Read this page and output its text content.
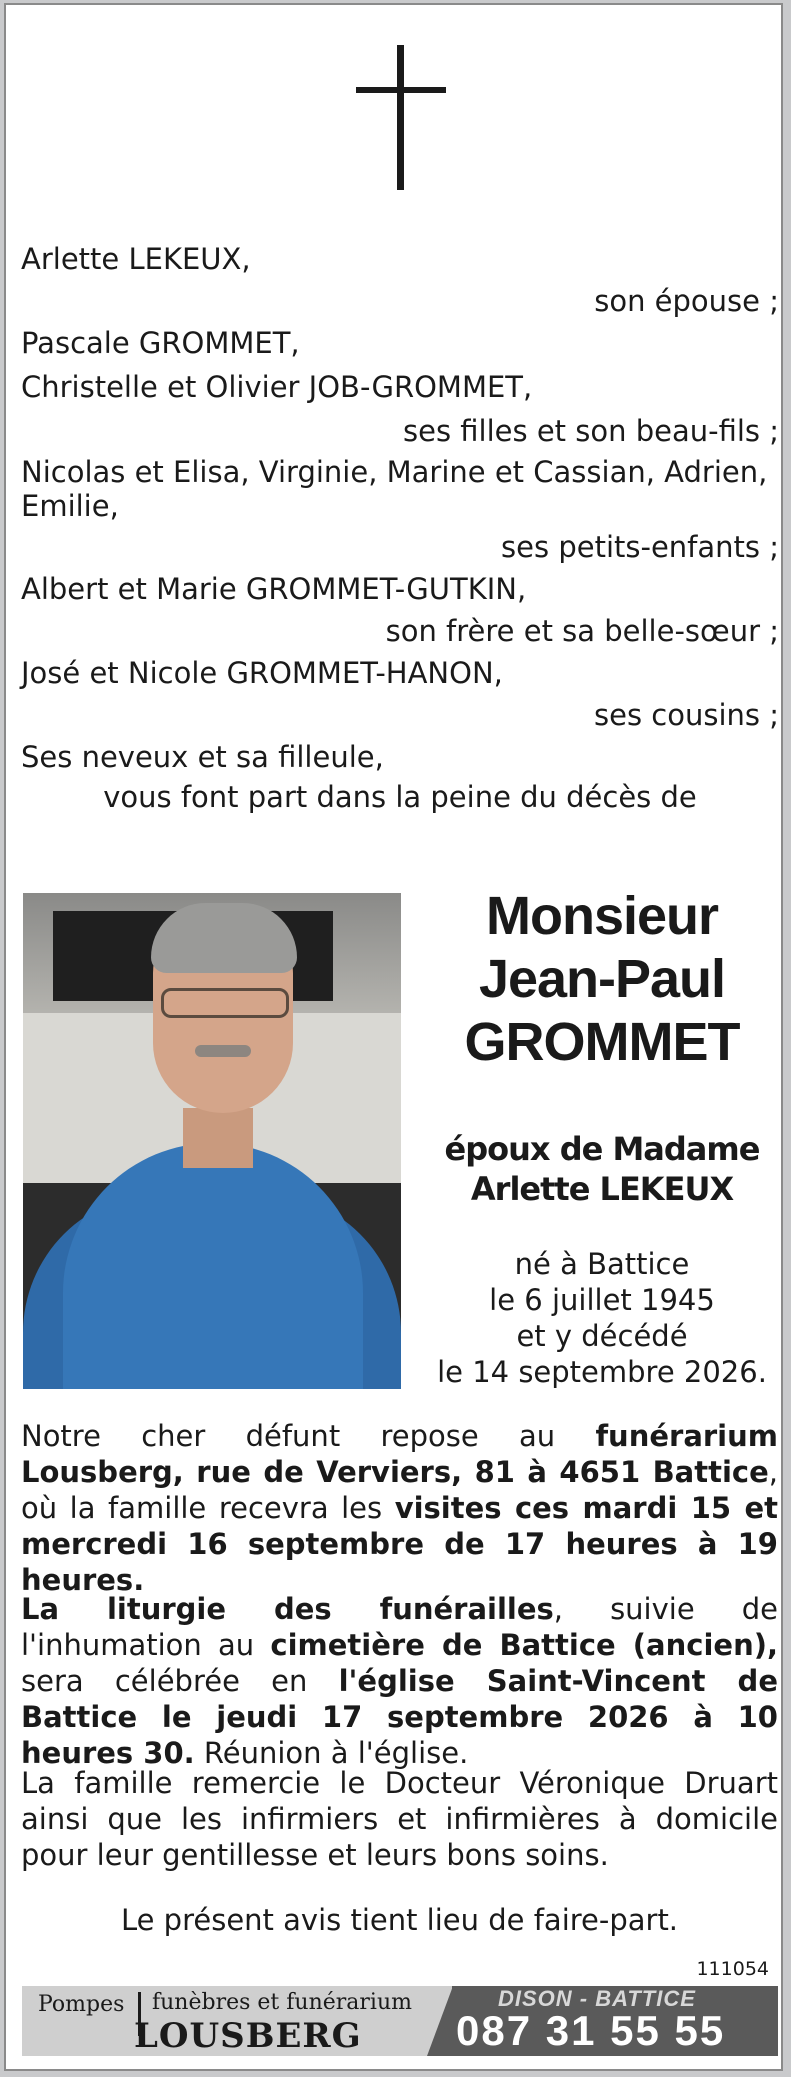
Arlette LEKEUX,
son épouse ;
Pascale GROMMET,
Christelle et Olivier JOB-GROMMET,
ses filles et son beau-fils ;
Nicolas et Elisa, Virginie, Marine et Cassian, Adrien, Emilie,
ses petits-enfants ;
Albert et Marie GROMMET-GUTKIN,
son frère et sa belle-sœur ;
José et Nicole GROMMET-HANON,
ses cousins ;
Ses neveux et sa filleule,
vous font part dans la peine du décès de
Monsieur
Jean-Paul
GROMMET
époux de Madame
Arlette LEKEUX
né à Battice
le 6 juillet 1945
et y décédé
le 14 septembre 2026.
Notre cher défunt repose au funérarium Lousberg, rue de Verviers, 81 à 4651 Battice, où la famille recevra les visites ces mardi 15 et mercredi 16 septembre de 17 heures à 19 heures.
La liturgie des funérailles, suivie de l'inhumation au cimetière de Battice (ancien), sera célébrée en l'église Saint-Vincent de Battice le jeudi 17 septembre 2026 à 10 heures 30. Réunion à l'église.
La famille remercie le Docteur Véronique Druart ainsi que les infirmiers et infirmières à domicile pour leur gentillesse et leurs bons soins.
Le présent avis tient lieu de faire-part.
111054
Pompes funèbres et funérarium
LOUSBERG
DISON - BATTICE
087 31 55 55
